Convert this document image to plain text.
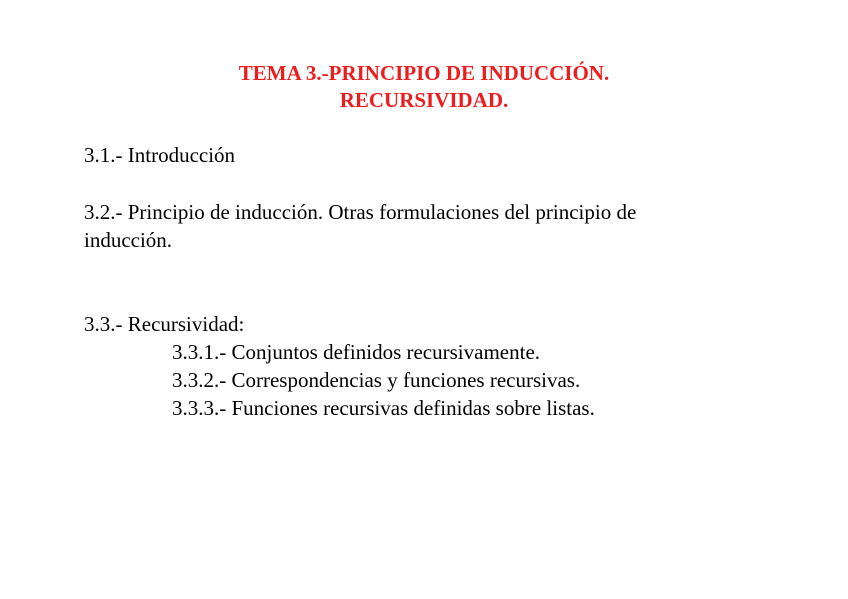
TEMA 3.-PRINCIPIO DE INDUCCIÓN.
RECURSIVIDAD.

3.1.- Introducción

3.2.- Principio de inducción. Otras formulaciones del principio de

inducción.

3.3.- Recursividad:

3.3.1.- Conjuntos definidos recursivamente.

3.3.2.- Correspondencias y funciones recursivas.

3.3.3.- Funciones recursivas definidas sobre listas.
